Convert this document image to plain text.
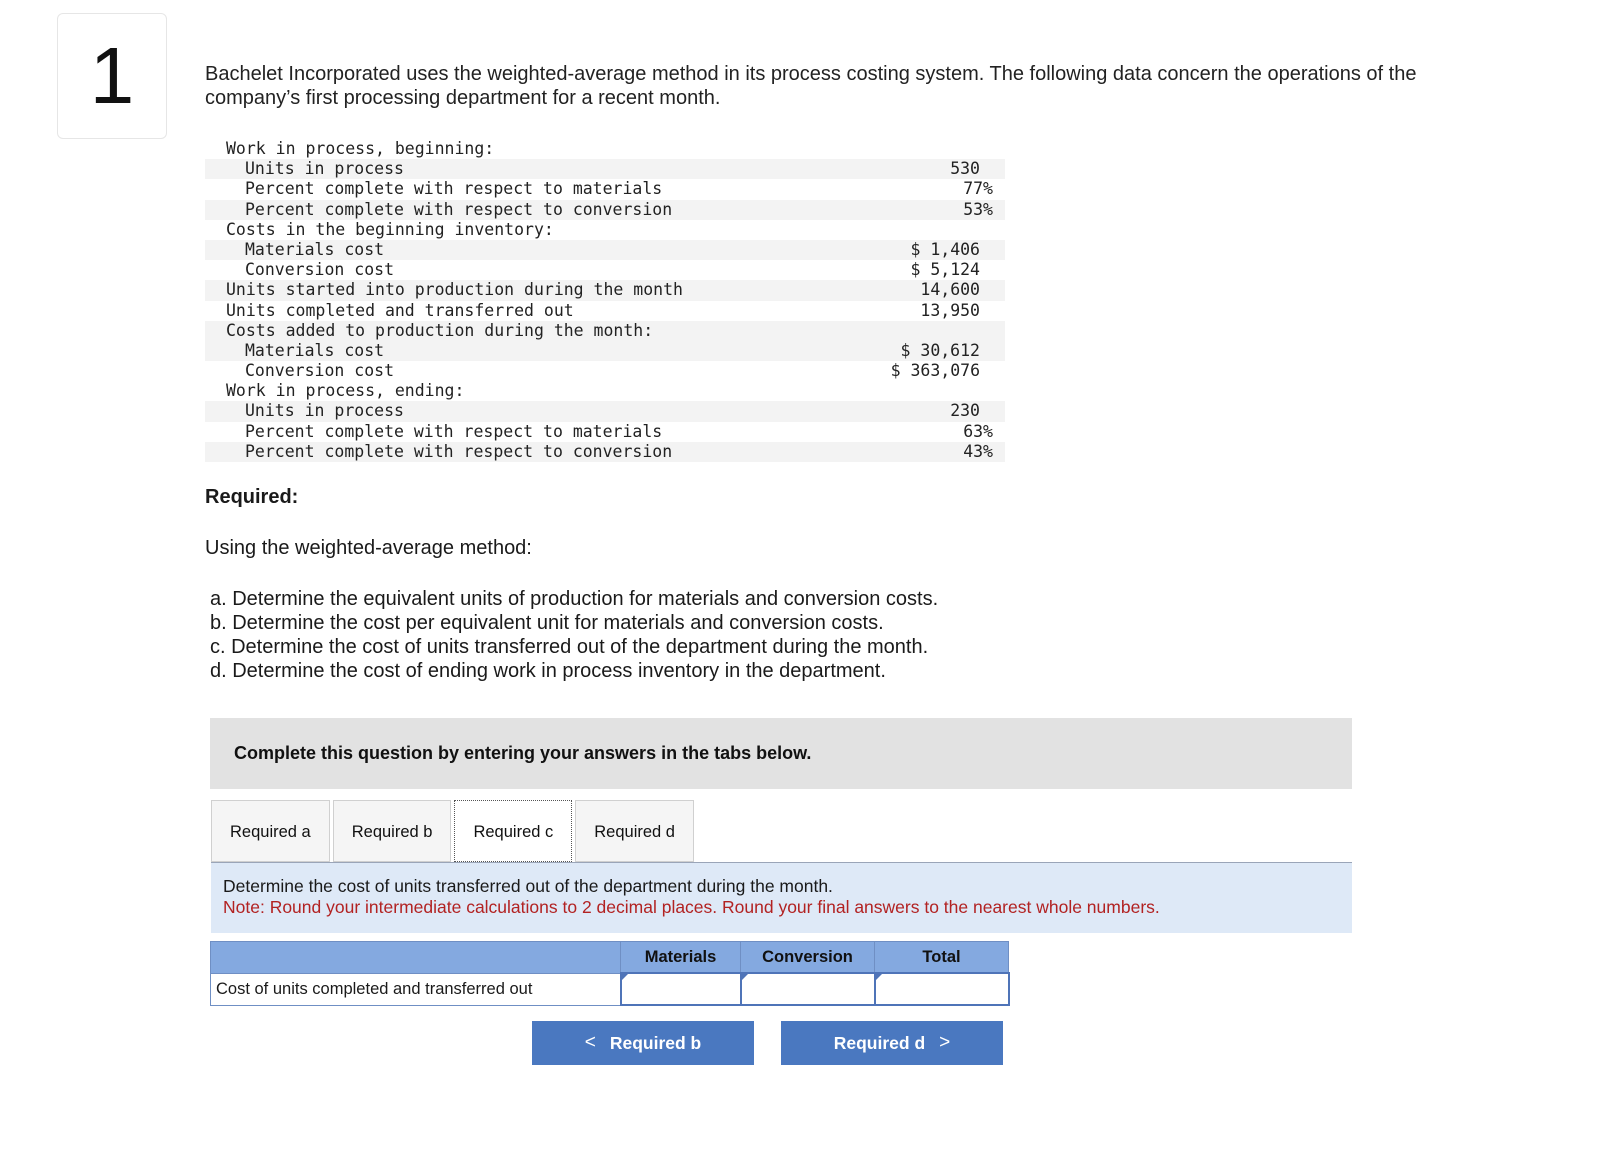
1	Bachelet Incorporated uses the weighted-average method in its process costing system. The following data concern the operations of the company’s first processing department for a recent month.
Work in process, beginning:
Units in process	530
Percent complete with respect to materials	77%
Percent complete with respect to conversion	53%
Costs in the beginning inventory:
Materials cost	$ 1,406
Conversion cost	$ 5,124
Units started into production during the month	14,600
Units completed and transferred out	13,950
Costs added to production during the month:
Materials cost	$ 30,612
Conversion cost	$ 363,076
Work in process, ending:
Units in process	230
Percent complete with respect to materials	63%
Percent complete with respect to conversion	43%
Required:
Using the weighted-average method:
a. Determine the equivalent units of production for materials and conversion costs.
b. Determine the cost per equivalent unit for materials and conversion costs.
c. Determine the cost of units transferred out of the department during the month.
d. Determine the cost of ending work in process inventory in the department.
Complete this question by entering your answers in the tabs below.
Required a	Required b	Required c	Required d
Determine the cost of units transferred out of the department during the month.
Note: Round your intermediate calculations to 2 decimal places. Round your final answers to the nearest whole numbers.
	Materials	Conversion	Total
Cost of units completed and transferred out	

< Required b	Required d >
